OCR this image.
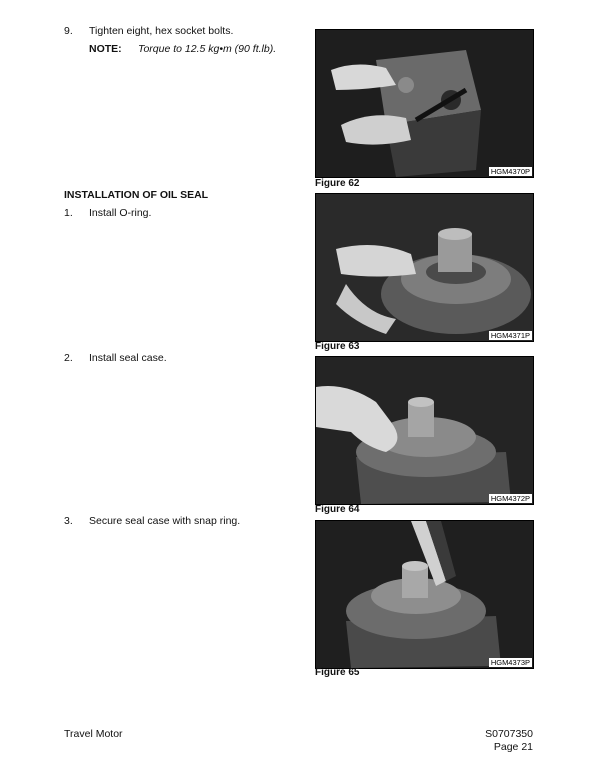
9.	Tighten eight, hex socket bolts.
NOTE: Torque to 12.5 kg•m (90 ft.lb).
INSTALLATION OF OIL SEAL
1.	Install O-ring.
2.	Install seal case.
3.	Secure seal case with snap ring.
HGM4370P
Figure 62
HGM4371P
Figure 63
HGM4372P
Figure 64
HGM4373P
Figure 65
Travel Motor	S0707350
Page 21
